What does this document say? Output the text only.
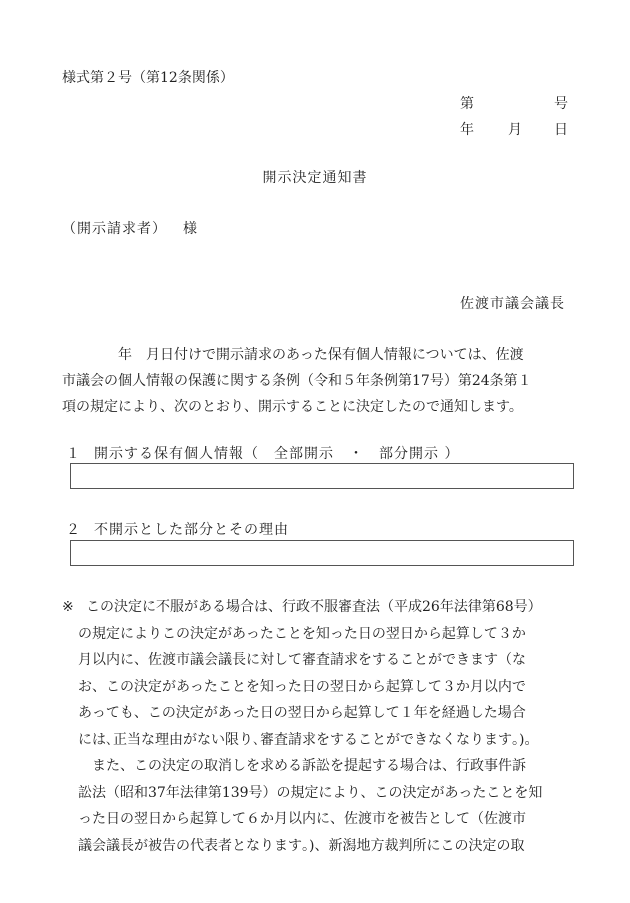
様式第２号（第12条関係）
第	号
年 月 日
開示決定通知書
（開示請求者） 様
佐渡市議会議長
　　　　年　月日付けで開示請求のあった保有個人情報については、佐渡
市議会の個人情報の保護に関する条例（令和５年条例第17号）第24条第１
項の規定により、次のとおり、開示することに決定したので通知します。
１ 開示する保有個人情報（　全部開示　・　部分開示 ）
２ 不開示とした部分とその理由
※ この決定に不服がある場合は、行政不服審査法（平成26年法律第68号）
の規定によりこの決定があったことを知った日の翌日から起算して３か
月以内に、佐渡市議会議長に対して審査請求をすることができます（な
お、この決定があったことを知った日の翌日から起算して３か月以内で
あっても、この決定があった日の翌日から起算して１年を経過した場合
には､正当な理由がない限り､審査請求をすることができなくなります｡)。
　また、この決定の取消しを求める訴訟を提起する場合は、行政事件訴
訟法（昭和37年法律第139号）の規定により、この決定があったことを知
った日の翌日から起算して６か月以内に、佐渡市を被告として（佐渡市
議会議長が被告の代表者となります｡)、新潟地方裁判所にこの決定の取
